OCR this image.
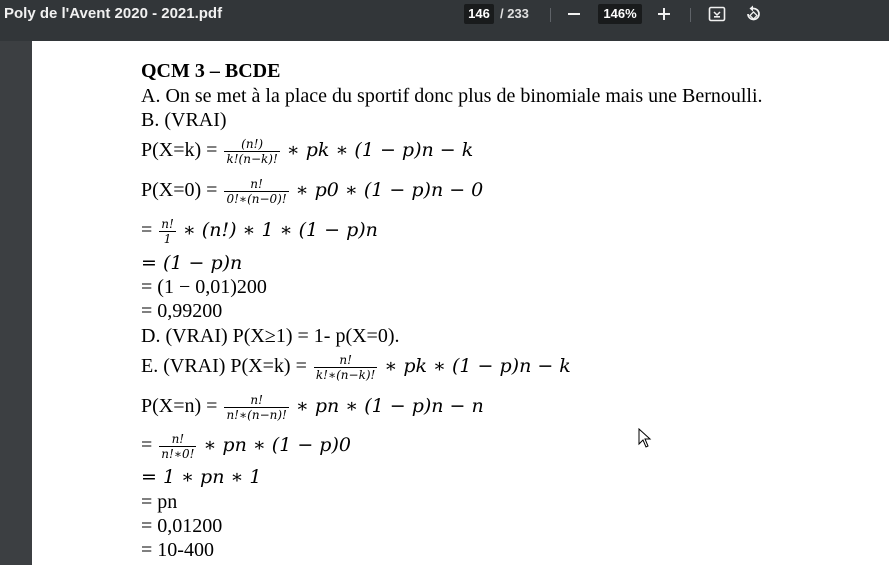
Poly de l'Avent 2020 - 2021.pdf	146 / 233	146%
QCM 3 – BCDE
A. On se met à la place du sportif donc plus de binomiale mais une Bernoulli.
B. (VRAI)
$P(X=k) = \frac{(n!)}{k!(n-k)!}$ ∗ pk ∗ (1 − p)n − k
$P(X=0) = \frac{n!}{0!∗(n-0)!}$ ∗ p0 ∗ (1 − p)n − 0
= $\frac{n!}{1}$ ∗ (n!) ∗ 1 ∗ (1 − p)n
= (1 − p)n
= (1 − 0,01)200
= 0,99200
D. (VRAI) P(X≥1) = 1- p(X=0).
E. (VRAI) $P(X=k) = \frac{n!}{k!∗(n-k)!}$ ∗ pk ∗ (1 − p)n − k
$P(X=n) = \frac{n!}{n!∗(n-n)!}$ ∗ pn ∗ (1 − p)n − n
= $\frac{n!}{n!∗0!}$ ∗ pn ∗ (1 − p)0
= 1 ∗ pn ∗ 1
= pn
= 0,01200
= 10-400
